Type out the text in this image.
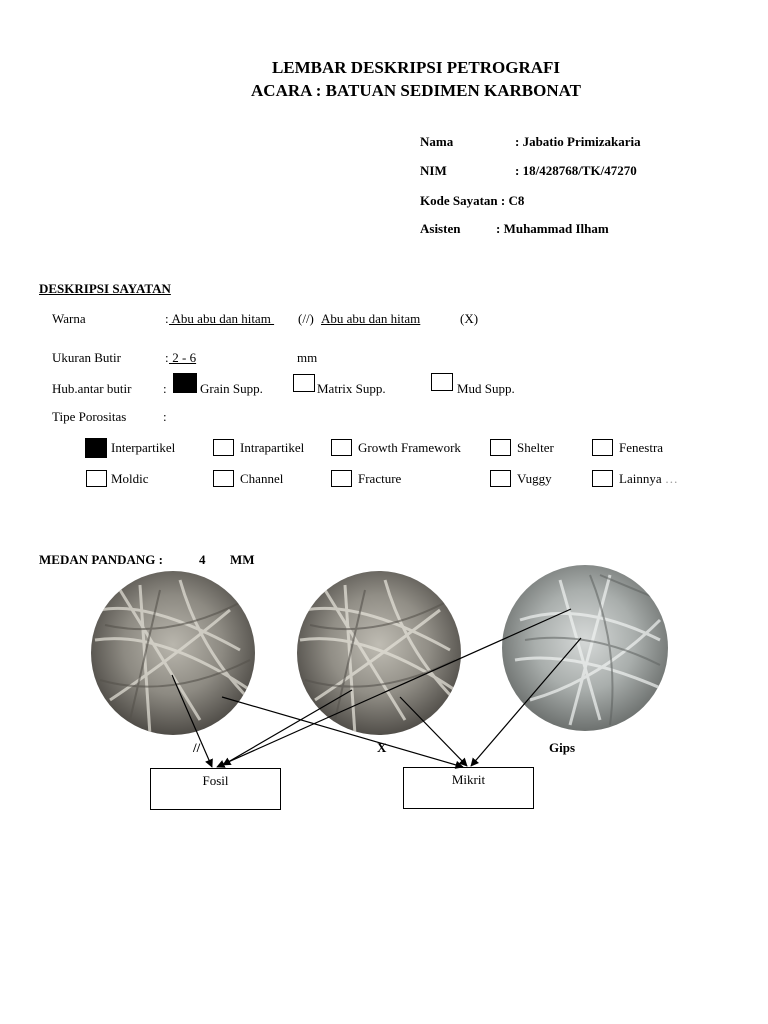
LEMBAR DESKRIPSI PETROGRAFI
ACARA : BATUAN SEDIMEN KARBONAT
Nama	: Jabatio Primizakaria
NIM	: 18/428768/TK/47270
Kode Sayatan : C8
Asisten	: Muhammad Ilham
DESKRIPSI SAYATAN
Warna	: Abu abu dan hitam	(//) Abu abu dan hitam	(X)
Ukuran Butir	: 2 - 6	mm
Hub.antar butir :	Grain Supp.	Matrix Supp.	Mud Supp.
Tipe Porositas	:
Interpartikel	Intrapartikel	Growth Framework	Shelter	Fenestra
Moldic	Channel	Fracture	Vuggy	Lainnya …
MEDAN PANDANG :	4 MM
//	X	Gips
Fosil	Mikrit
